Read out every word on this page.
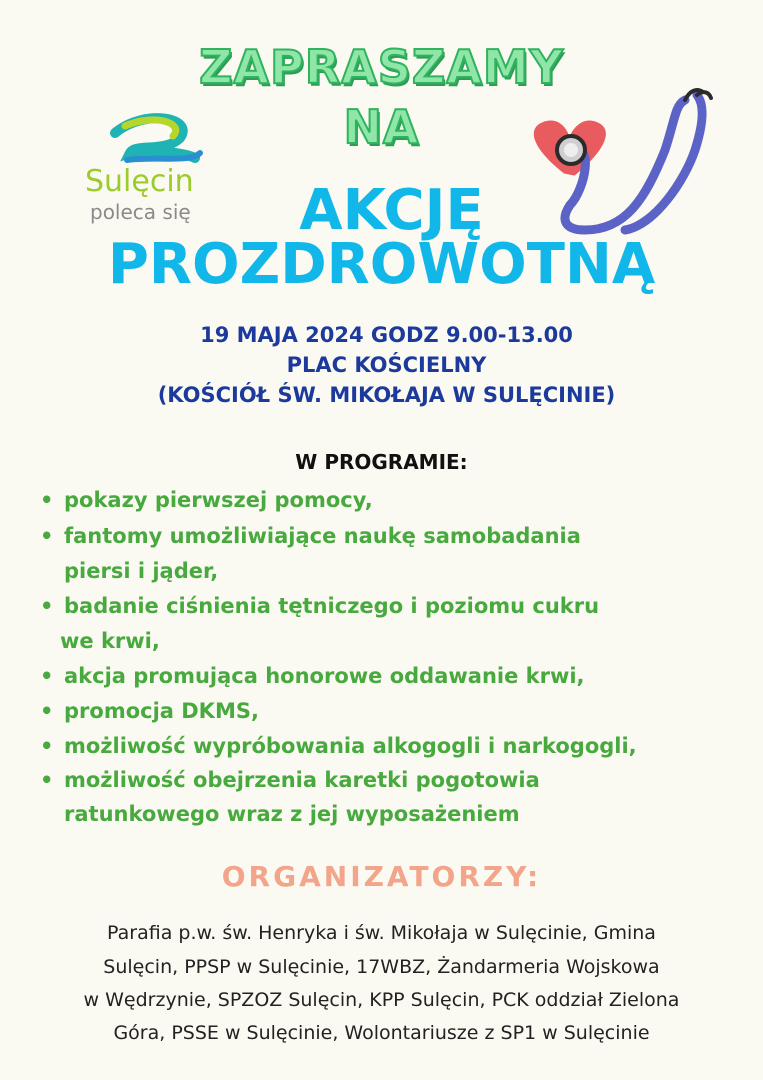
Sulęcin
poleca się
ZAPRASZAMY
NA
AKCJĘ
PROZDROWOTNĄ
19 MAJA 2024 GODZ 9.00-13.00
PLAC KOŚCIELNY
(KOŚCIÓŁ ŚW. MIKOŁAJA W SULĘCINIE)
W PROGRAMIE:
• pokazy pierwszej pomocy,
• fantomy umożliwiające naukę samobadania
piersi i jąder,
• badanie ciśnienia tętniczego i poziomu cukru
we krwi,
• akcja promująca honorowe oddawanie krwi,
• promocja DKMS,
• możliwość wypróbowania alkogogli i narkogogli,
• możliwość obejrzenia karetki pogotowia
ratunkowego wraz z jej wyposażeniem
ORGANIZATORZY:
Parafia p.w. św. Henryka i św. Mikołaja w Sulęcinie, Gmina
Sulęcin, PPSP w Sulęcinie, 17WBZ, Żandarmeria Wojskowa
w Wędrzynie, SPZOZ Sulęcin, KPP Sulęcin, PCK oddział Zielona
Góra, PSSE w Sulęcinie, Wolontariusze z SP1 w Sulęcinie
